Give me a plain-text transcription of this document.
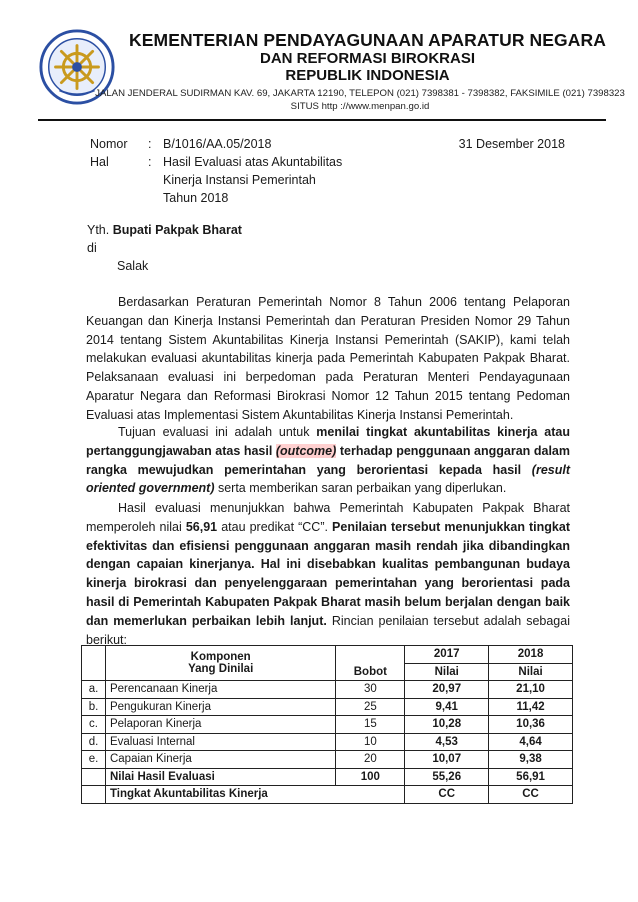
KEMENTERIAN PENDAYAGUNAAN APARATUR NEGARA
DAN REFORMASI BIROKRASI
REPUBLIK INDONESIA
JALAN JENDERAL SUDIRMAN KAV. 69, JAKARTA 12190, TELEPON (021) 7398381 - 7398382, FAKSIMILE (021) 7398323
SITUS http ://www.menpan.go.id
Nomor : B/1016/AA.05/2018	31 Desember 2018
Hal	: Hasil Evaluasi atas Akuntabilitas
Kinerja Instansi Pemerintah
Tahun 2018
Yth. Bupati Pakpak Bharat
di
Salak
Berdasarkan Peraturan Pemerintah Nomor 8 Tahun 2006 tentang Pelaporan Keuangan dan Kinerja Instansi Pemerintah dan Peraturan Presiden Nomor 29 Tahun 2014 tentang Sistem Akuntabilitas Kinerja Instansi Pemerintah (SAKIP), kami telah melakukan evaluasi akuntabilitas kinerja pada Pemerintah Kabupaten Pakpak Bharat. Pelaksanaan evaluasi ini berpedoman pada Peraturan Menteri Pendayagunaan Aparatur Negara dan Reformasi Birokrasi Nomor 12 Tahun 2015 tentang Pedoman Evaluasi atas Implementasi Sistem Akuntabilitas Kinerja Instansi Pemerintah.
Tujuan evaluasi ini adalah untuk menilai tingkat akuntabilitas kinerja atau pertanggungjawaban atas hasil (outcome) terhadap penggunaan anggaran dalam rangka mewujudkan pemerintahan yang berorientasi kepada hasil (result oriented government) serta memberikan saran perbaikan yang diperlukan.
Hasil evaluasi menunjukkan bahwa Pemerintah Kabupaten Pakpak Bharat memperoleh nilai 56,91 atau predikat “CC”. Penilaian tersebut menunjukkan tingkat efektivitas dan efisiensi penggunaan anggaran masih rendah jika dibandingkan dengan capaian kinerjanya. Hal ini disebabkan kualitas pembangunan budaya kinerja birokrasi dan penyelenggaraan pemerintahan yang berorientasi pada hasil di Pemerintah Kabupaten Pakpak Bharat masih belum berjalan dengan baik dan memerlukan perbaikan lebih lanjut. Rincian penilaian tersebut adalah sebagai berikut:

	Komponen
Yang Dinilai		2017	2018
		Bobot	Nilai	Nilai
a.	Perencanaan Kinerja	30	20,97	21,10
b.	Pengukuran Kinerja	25	9,41	11,42
c.	Pelaporan Kinerja	15	10,28	10,36
d.	Evaluasi Internal	10	4,53	4,64
e.	Capaian Kinerja	20	10,07	9,38
	Nilai Hasil Evaluasi	100	55,26	56,91
	Tingkat Akuntabilitas Kinerja		CC	CC
